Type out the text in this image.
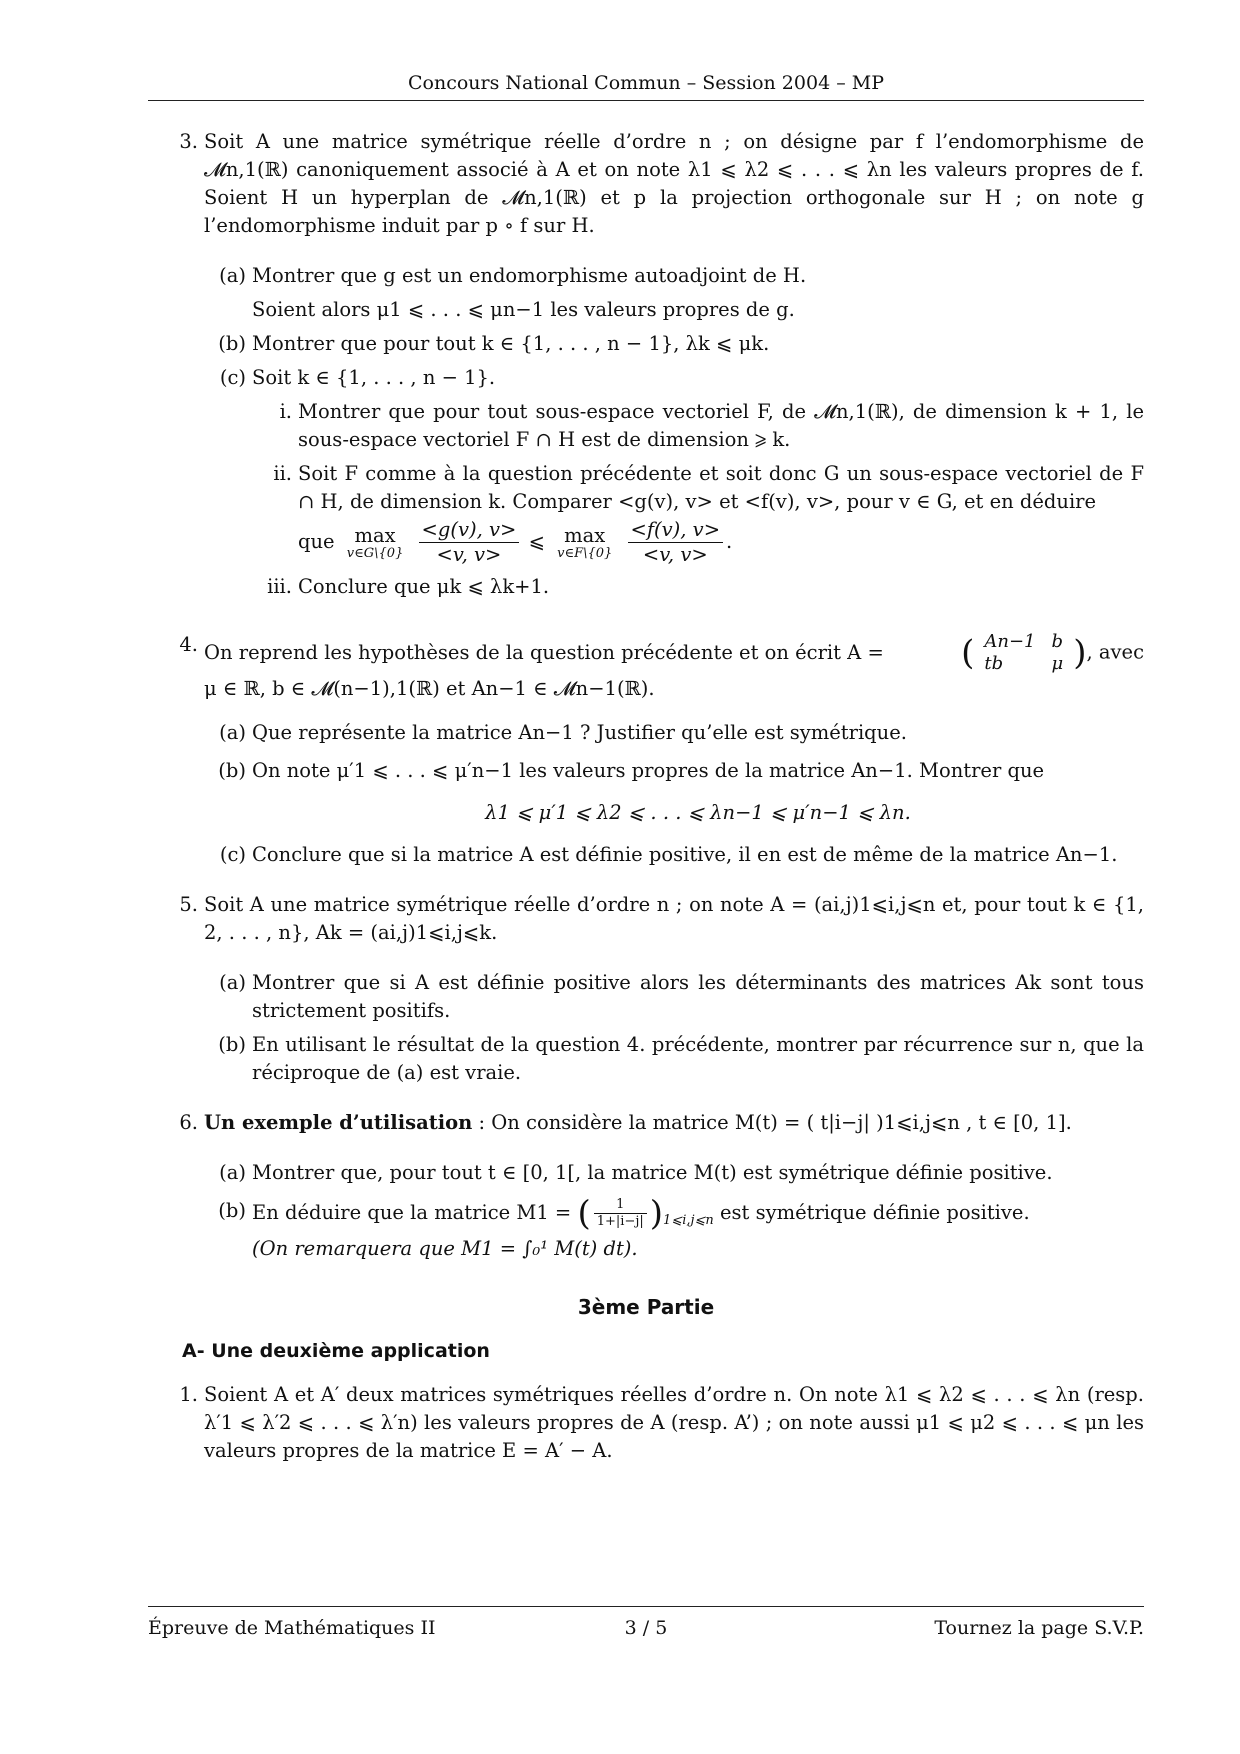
Concours National Commun – Session 2004 – MP
3. Soit A une matrice symétrique réelle d’ordre n ; on désigne par f l’endomorphisme de 𝓜n,1(ℝ) canoniquement associé à A et on note λ1 ⩽ λ2 ⩽ . . . ⩽ λn les valeurs propres de f. Soient H un hyperplan de 𝓜n,1(ℝ) et p la projection orthogonale sur H ; on note g l’endomorphisme induit par p ∘ f sur H.
(a) Montrer que g est un endomorphisme autoadjoint de H.
Soient alors μ1 ⩽ . . . ⩽ μn−1 les valeurs propres de g.
(b) Montrer que pour tout k ∈ {1, . . . , n − 1}, λk ⩽ μk.
(c) Soit k ∈ {1, . . . , n − 1}.
i. Montrer que pour tout sous-espace vectoriel F, de 𝓜n,1(ℝ), de dimension k + 1, le sous-espace vectoriel F ∩ H est de dimension ⩾ k.
ii. Soit F comme à la question précédente et soit donc G un sous-espace vectoriel de F ∩ H, de dimension k. Comparer <g(v), v> et <f(v), v>, pour v ∈ G, et en déduire
que	max
v∈G\{0}
$\frac{<g(v), v>}{<v, v>}$ ⩽ max
v∈F\{0}
$\frac{<f(v), v>}{<v, v>}$ .
iii. Conclure que μk ⩽ λk+1.
4. On reprend les hypothèses de la question précédente et on écrit A = ( An−1	b
tb	μ ), avec
μ ∈ ℝ, b ∈ 𝓜(n−1),1(ℝ) et An−1 ∈ 𝓜n−1(ℝ).
(a) Que représente la matrice An−1 ? Justifier qu’elle est symétrique.
(b) On note μ′1 ⩽ . . . ⩽ μ′n−1 les valeurs propres de la matrice An−1. Montrer que
λ1 ⩽ μ′1 ⩽ λ2 ⩽ . . . ⩽ λn−1 ⩽ μ′n−1 ⩽ λn.
(c) Conclure que si la matrice A est définie positive, il en est de même de la matrice An−1.
5. Soit A une matrice symétrique réelle d’ordre n ; on note A = (ai,j)1⩽i,j⩽n et, pour tout k ∈ {1, 2, . . . , n}, Ak = (ai,j)1⩽i,j⩽k.
(a) Montrer que si A est définie positive alors les déterminants des matrices Ak sont tous strictement positifs.
(b) En utilisant le résultat de la question 4. précédente, montrer par récurrence sur n, que la réciproque de (a) est vraie.
6. Un exemple d’utilisation : On considère la matrice M(t) = ( t|i−j| )1⩽i,j⩽n , t ∈ [0, 1].
(a) Montrer que, pour tout t ∈ [0, 1[, la matrice M(t) est symétrique définie positive.
(b) En déduire que la matrice M1 = ( $\frac{1}{1+|i-j|} )_{1⩽i,j⩽n}$ est symétrique définie positive.
(On remarquera que M1 = ∫₀¹ M(t) dt).
3ème Partie
A- Une deuxième application
1. Soient A et A′ deux matrices symétriques réelles d’ordre n. On note λ1 ⩽ λ2 ⩽ . . . ⩽ λn (resp. λ′1 ⩽ λ′2 ⩽ . . . ⩽ λ′n) les valeurs propres de A (resp. A’) ; on note aussi μ1 ⩽ μ2 ⩽ . . . ⩽ μn les valeurs propres de la matrice E = A′ − A.
Épreuve de Mathématiques II	3 / 5	Tournez la page S.V.P.
